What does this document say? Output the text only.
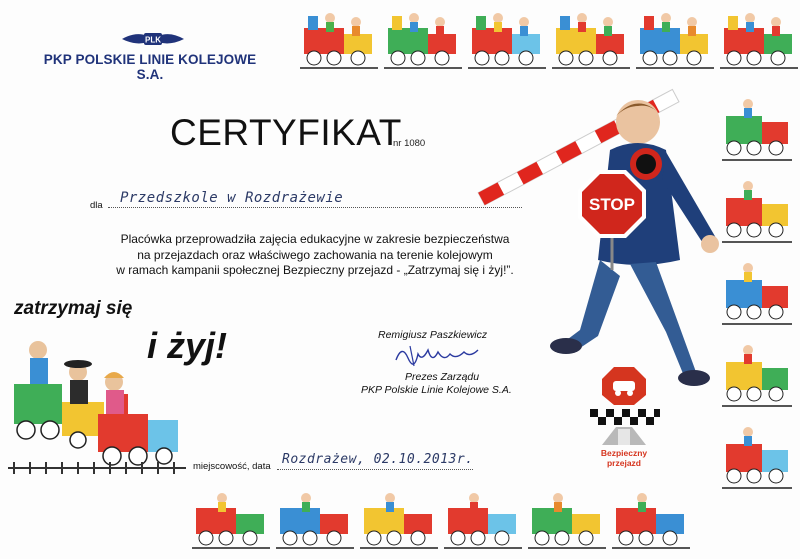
PLK
PKP POLSKIE LINIE KOLEJOWE S.A.
CERTYFIKAT
nr 1080
dla Przedszkole w Rozdrażewie
Placówka przeprowadziła zajęcia edukacyjne w zakresie bezpieczeństwa
na przejazdach oraz właściwego zachowania na terenie kolejowym
w ramach kampanii społecznej Bezpieczny przejazd - „Zatrzymaj się i żyj!”.
Remigiusz Paszkiewicz
Prezes Zarządu
PKP Polskie Linie Kolejowe S.A.
miejscowość, data Rozdrażew, 02.10.2013r.
zatrzymaj się
i żyj!
STOP
Bezpieczny
przejazd
